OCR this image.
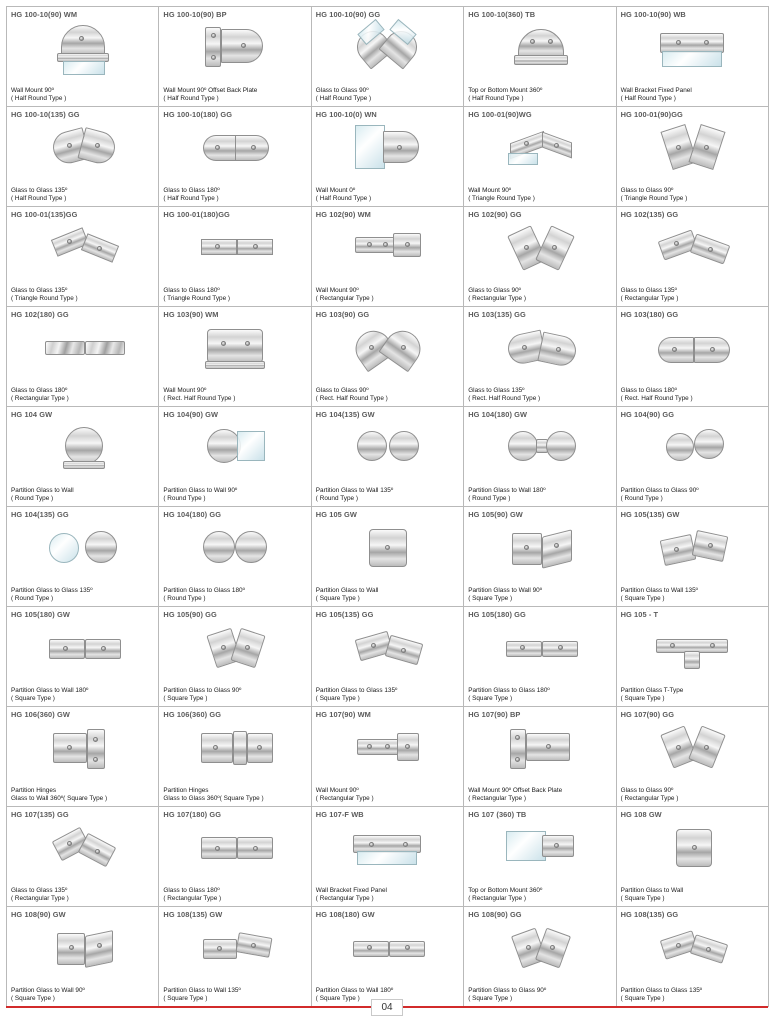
HG 100-10(90) WM
Wall Mount 90º
( Half Round Type )
HG 100-10(90) BP
Wall Mount 90º Offset Back Plate
( Half Round Type )
HG 100-10(90) GG
Glass to Glass 90º
( Half Round Type )
HG 100-10(360) TB
Top or Bottom Mount 360º
( Half Round Type )
HG 100-10(90) WB
Wall Bracket Fixed Panel
( Half Round Type )
HG 100-10(135) GG
Glass to Glass 135º
( Half Round Type )
HG 100-10(180) GG
Glass to Glass 180º
( Half Round Type )
HG 100-10(0) WN
Wall Mount 0º
( Half Round Type )
HG 100-01(90)WG
Wall Mount 90º
( Triangle Round Type )
HG 100-01(90)GG
Glass to Glass 90º
( Triangle Round Type )
HG 100-01(135)GG
Glass to Glass 135º
( Triangle Round Type )
HG 100-01(180)GG
Glass to Glass 180º
( Triangle Round Type )
HG 102(90) WM
Wall Mount 90º
( Rectangular Type )
HG 102(90) GG
Glass to Glass 90º
( Rectangular Type )
HG 102(135) GG
Glass to Glass 135º
( Rectangular Type )
HG 102(180) GG
Glass to Glass 180º
( Rectangular Type )
HG 103(90) WM
Wall Mount 90º
( Rect. Half Round Type )
HG 103(90) GG
Glass to Glass 90º
( Rect. Half Round Type )
HG 103(135) GG
Glass to Glass 135º
( Rect. Half Round Type )
HG 103(180) GG
Glass to Glass 180º
( Rect. Half Round Type )
HG 104 GW
Partition Glass to Wall
( Round Type )
HG 104(90) GW
Partition Glass to Wall 90º
( Round Type )
HG 104(135) GW
Partition Glass to Wall 135º
( Round Type )
HG 104(180) GW
Partition Glass to Wall 180º
( Round Type )
HG 104(90) GG
Partition Glass to Glass 90º
( Round Type )
HG 104(135) GG
Partition Glass to Glass 135º
( Round Type )
HG 104(180) GG
Partition Glass to Glass 180º
( Round Type )
HG 105 GW
Partition Glass to Wall
( Square Type )
HG 105(90) GW
Partition Glass to Wall 90º
( Square Type )
HG 105(135) GW
Partition Glass to Wall 135º
( Square Type )
HG 105(180) GW
Partition Glass to Wall 180º
( Square Type )
HG 105(90) GG
Partition Glass to Glass 90º
( Square Type )
HG 105(135) GG
Partition Glass to Glass 135º
( Square Type )
HG 105(180) GG
Partition Glass to Glass 180º
( Square Type )
HG 105 - T
Partition Glass T-Type
( Square Type )
HG 106(360) GW
Partition Hinges
Glass to Wall 360º( Square Type )
HG 106(360) GG
Partition Hinges
Glass to Glass 360º( Square Type )
HG 107(90) WM
Wall Mount 90º
( Rectangular Type )
HG 107(90) BP
Wall Mount 90º Offset Back Plate
( Rectangular Type )
HG 107(90) GG
Glass to Glass 90º
( Rectangular Type )
HG 107(135) GG
Glass to Glass 135º
( Rectangular Type )
HG 107(180) GG
Glass to Glass 180º
( Rectangular Type )
HG 107-F WB
Wall Bracket Fixed Panel
( Rectangular Type )
HG 107 (360) TB
Top or Bottom Mount 360º
( Rectangular Type )
HG 108 GW
Partition Glass to Wall
( Square Type )
HG 108(90) GW
Partition Glass to Wall 90º
( Square Type )
HG 108(135) GW
Partition Glass to Wall 135º
( Square Type )
HG 108(180) GW
Partition Glass to Wall 180º
( Square Type )
HG 108(90) GG
Partition Glass to Glass 90º
( Square Type )
HG 108(135) GG
Partition Glass to Glass 135º
( Square Type )
04
